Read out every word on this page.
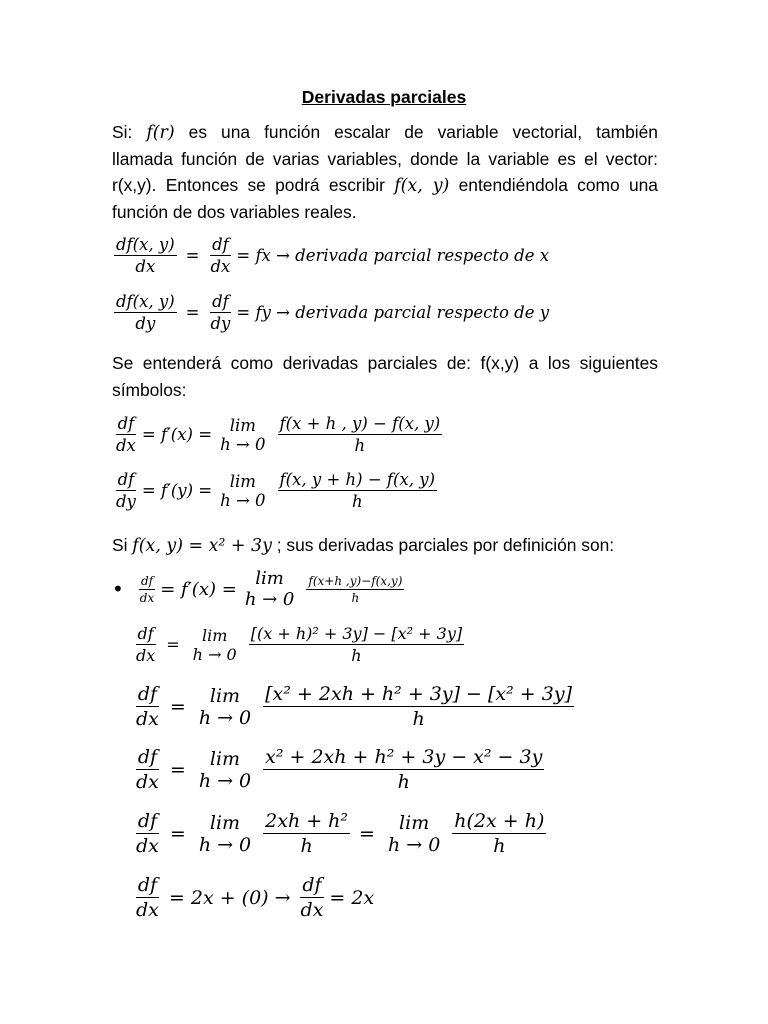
Derivadas parciales
Si: f(r) es una función escalar de variable vectorial, también
llamada función de varias variables, donde la variable es el vector:
r(x,y). Entonces se podrá escribir f(x, y) entendiéndola como una
función de dos variables reales.
$\frac{df(x, y)}{dx} = \frac{df}{dx}$ = fx → derivada parcial respecto de x
$\frac{df(x, y)}{dy} = \frac{df}{dy}$ = fy → derivada parcial respecto de y
Se entenderá como derivadas parciales de: f(x,y) a los siguientes
símbolos:
$\frac{df}{dx} = f'(x) = \lim$
$h \to 0 \frac{f(x + h , y) - f(x, y)}{h}$
$\frac{df}{dy} = f'(y) = \lim$
$h \to 0 \frac{f(x, y + h) - f(x, y)}{h}$
Si f(x, y) = x² + 3y ; sus derivadas parciales por definición son:
• $\frac{df}{dx} = f'(x) = \lim$
$h \to 0 \frac{f(x+h ,y)-f(x,y)}{h}$
$\frac{df}{dx} = \lim$
$h \to 0 \frac{\text{[(x + h)² + 3y] − [x² + 3y]}}{h}$
$\frac{df}{dx} = \lim$
$h \to 0 \frac{\text{[x² + 2xh + h² + 3y] − [x² + 3y]}}{h}$
$\frac{df}{dx} = \lim$
$h \to 0 \frac{\text{x² + 2xh + h² + 3y − x² − 3y}}{h}$
$\frac{df}{dx} = \lim$
$h \to 0 \frac{\text{2xh + h²}}{h} = \lim$
$h \to 0 \frac{h(2x + h)}{h}$
$\frac{df}{dx} = 2x + (0) \to \frac{df}{dx} = 2x$
